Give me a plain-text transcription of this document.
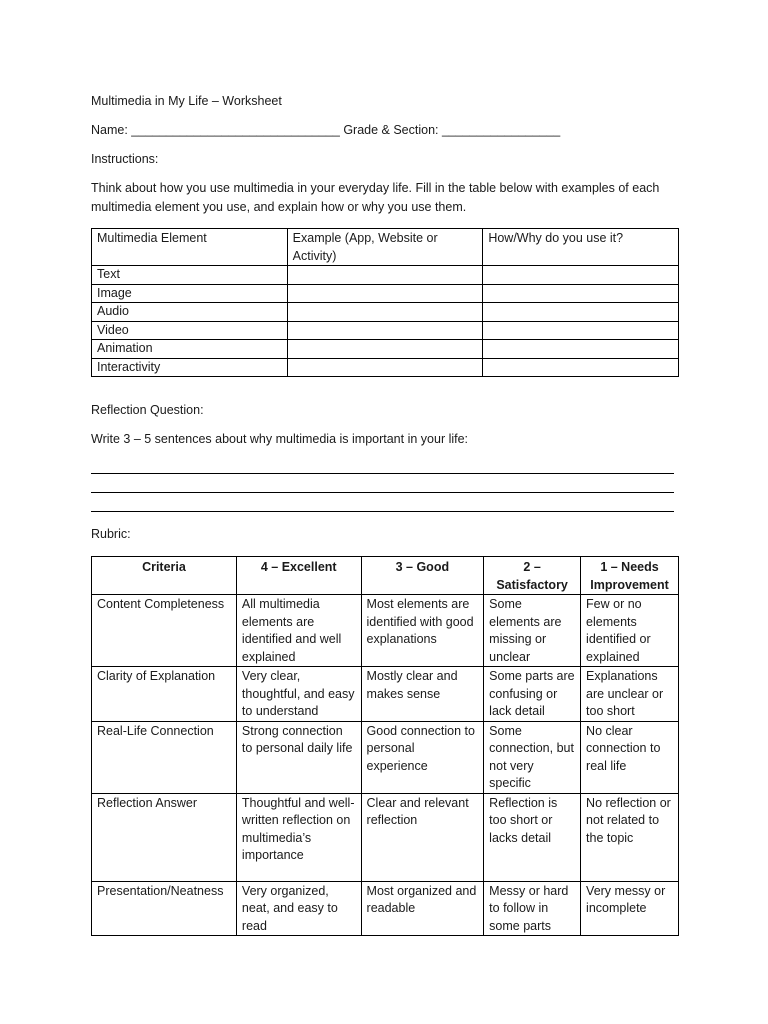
Multimedia in My Life – Worksheet
Name: ______________________________ Grade & Section: _________________
Instructions:
Think about how you use multimedia in your everyday life. Fill in the table below with examples of each
multimedia element you use, and explain how or why you use them.
Multimedia Element	Example (App, Website or Activity)	How/Why do you use it?
Text		
Image		
Audio		
Video		
Animation		
Interactivity		
Reflection Question:
Write 3 – 5 sentences about why multimedia is important in your life:
Rubric:
Criteria	4 – Excellent	3 – Good	2 – Satisfactory	1 – Needs Improvement
Content Completeness	All multimedia elements are identified and well explained	Most elements are identified with good explanations	Some elements are missing or unclear	Few or no elements identified or explained
Clarity of Explanation	Very clear, thoughtful, and easy to understand	Mostly clear and makes sense	Some parts are confusing or lack detail	Explanations are unclear or too short
Real-Life Connection	Strong connection to personal daily life	Good connection to personal experience	Some connection, but not very specific	No clear connection to real life
Reflection Answer	Thoughtful and well-written reflection on multimedia’s importance	Clear and relevant reflection	Reflection is too short or lacks detail	No reflection or not related to the topic
Presentation/Neatness	Very organized, neat, and easy to read	Most organized and readable	Messy or hard to follow in some parts	Very messy or incomplete
